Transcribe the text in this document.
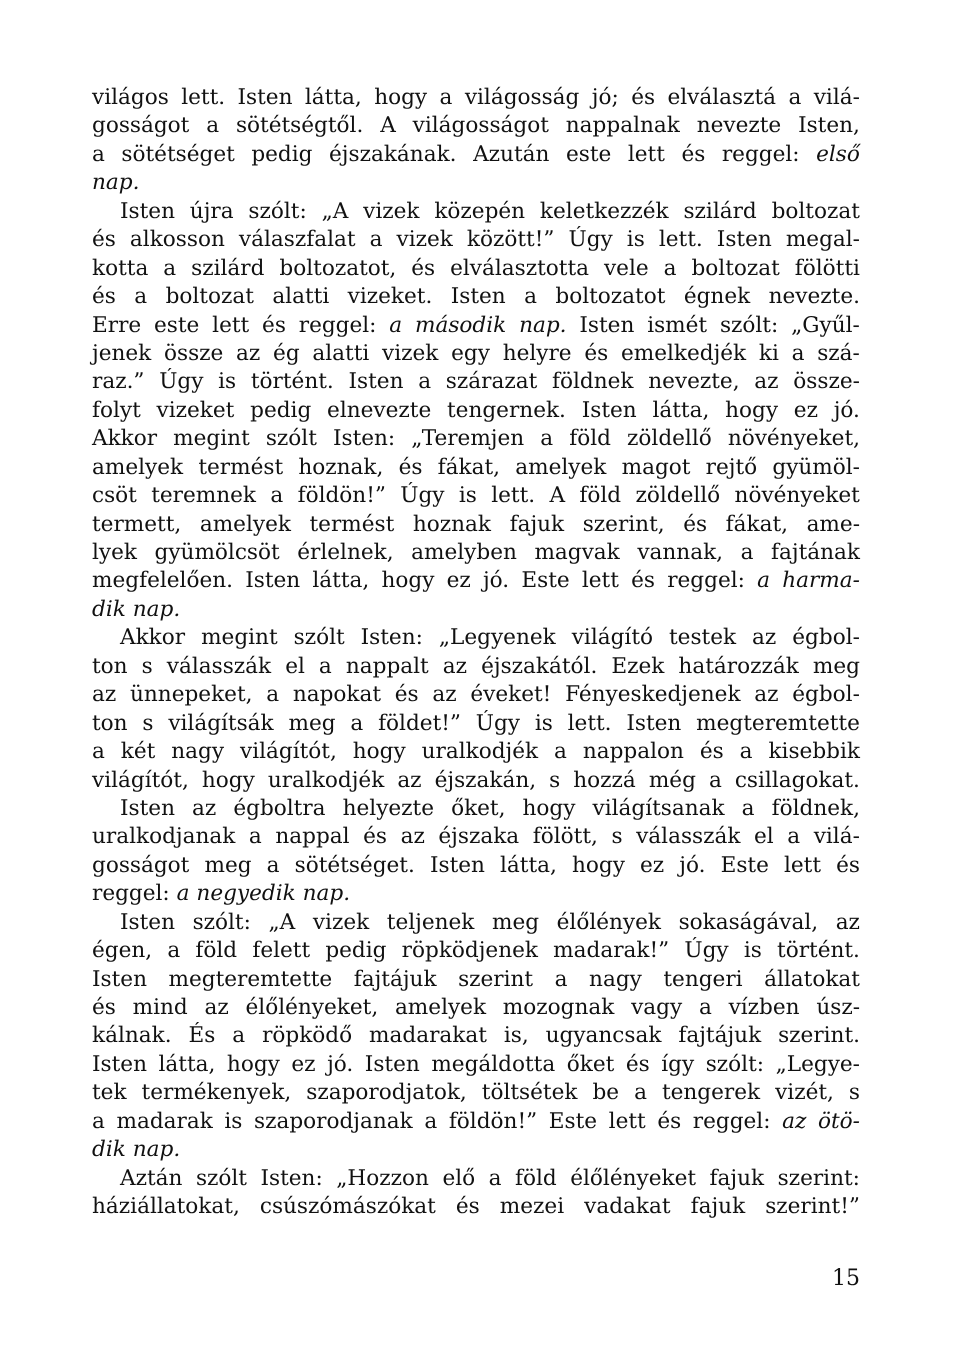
világos lett. Isten látta, hogy a világosság jó; és elválasztá a vilá-
gosságot a sötétségtől. A világosságot nappalnak nevezte Isten,
a sötétséget pedig éjszakának. Azután este lett és reggel: első
nap.
Isten újra szólt: „A vizek közepén keletkezzék szilárd boltozat
és alkosson válaszfalat a vizek között!” Úgy is lett. Isten megal-
kotta a szilárd boltozatot, és elválasztotta vele a boltozat fölötti
és a boltozat alatti vizeket. Isten a boltozatot égnek nevezte.
Erre este lett és reggel: a második nap. Isten ismét szólt: „Gyűl-
jenek össze az ég alatti vizek egy helyre és emelkedjék ki a szá-
raz.” Úgy is történt. Isten a szárazat földnek nevezte, az össze-
folyt vizeket pedig elnevezte tengernek. Isten látta, hogy ez jó.
Akkor megint szólt Isten: „Teremjen a föld zöldellő növényeket,
amelyek termést hoznak, és fákat, amelyek magot rejtő gyümöl-
csöt teremnek a földön!” Úgy is lett. A föld zöldellő növényeket
termett, amelyek termést hoznak fajuk szerint, és fákat, ame-
lyek gyümölcsöt érlelnek, amelyben magvak vannak, a fajtának
megfelelően. Isten látta, hogy ez jó. Este lett és reggel: a harma-
dik nap.
Akkor megint szólt Isten: „Legyenek világító testek az égbol-
ton s válasszák el a nappalt az éjszakától. Ezek határozzák meg
az ünnepeket, a napokat és az éveket! Fényeskedjenek az égbol-
ton s világítsák meg a földet!” Úgy is lett. Isten megteremtette
a két nagy világítót, hogy uralkodjék a nappalon és a kisebbik
világítót, hogy uralkodjék az éjszakán, s hozzá még a csillagokat.
Isten az égboltra helyezte őket, hogy világítsanak a földnek,
uralkodjanak a nappal és az éjszaka fölött, s válasszák el a vilá-
gosságot meg a sötétséget. Isten látta, hogy ez jó. Este lett és
reggel: a negyedik nap.
Isten szólt: „A vizek teljenek meg élőlények sokaságával, az
égen, a föld felett pedig röpködjenek madarak!” Úgy is történt.
Isten megteremtette fajtájuk szerint a nagy tengeri állatokat
és mind az élőlényeket, amelyek mozognak vagy a vízben úsz-
kálnak. És a röpködő madarakat is, ugyancsak fajtájuk szerint.
Isten látta, hogy ez jó. Isten megáldotta őket és így szólt: „Legye-
tek termékenyek, szaporodjatok, töltsétek be a tengerek vizét, s
a madarak is szaporodjanak a földön!” Este lett és reggel: az ötö-
dik nap.
Aztán szólt Isten: „Hozzon elő a föld élőlényeket fajuk szerint:
háziállatokat, csúszómászókat és mezei vadakat fajuk szerint!”
15
